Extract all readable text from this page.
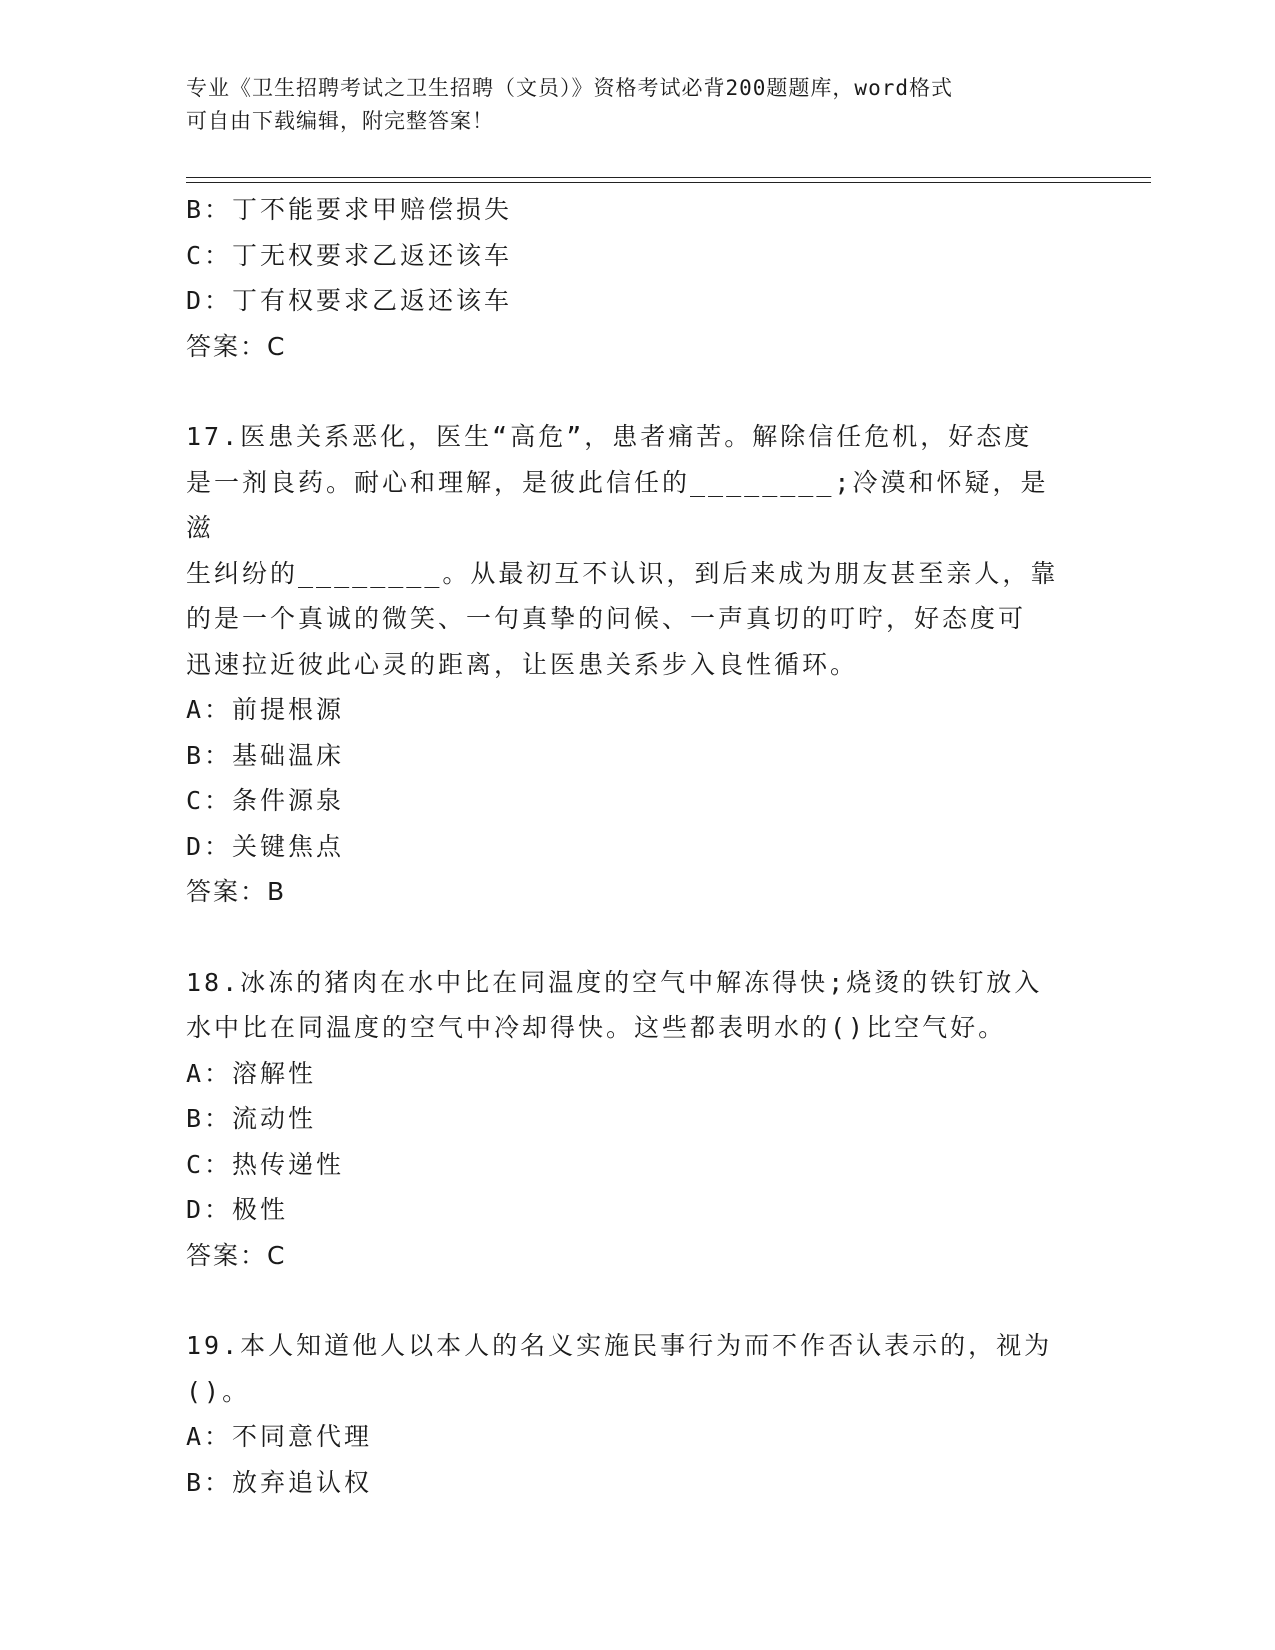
专业《卫生招聘考试之卫生招聘（文员）》资格考试必背200题题库，word格式
可自由下载编辑，附完整答案！

B：丁不能要求甲赔偿损失

C：丁无权要求乙返还该车

D：丁有权要求乙返还该车

答案：C

17.医患关系恶化，医生“高危”，患者痛苦。解除信任危机，好态度

是一剂良药。耐心和理解，是彼此信任的________;冷漠和怀疑，是滋

生纠纷的________。从最初互不认识，到后来成为朋友甚至亲人，靠

的是一个真诚的微笑、一句真挚的问候、一声真切的叮咛，好态度可

迅速拉近彼此心灵的距离，让医患关系步入良性循环。

A：前提根源

B：基础温床

C：条件源泉

D：关键焦点

答案：B

18.冰冻的猪肉在水中比在同温度的空气中解冻得快;烧烫的铁钉放入

水中比在同温度的空气中冷却得快。这些都表明水的()比空气好。

A：溶解性

B：流动性

C：热传递性

D：极性

答案：C

19.本人知道他人以本人的名义实施民事行为而不作否认表示的，视为

()。

A：不同意代理

B：放弃追认权
